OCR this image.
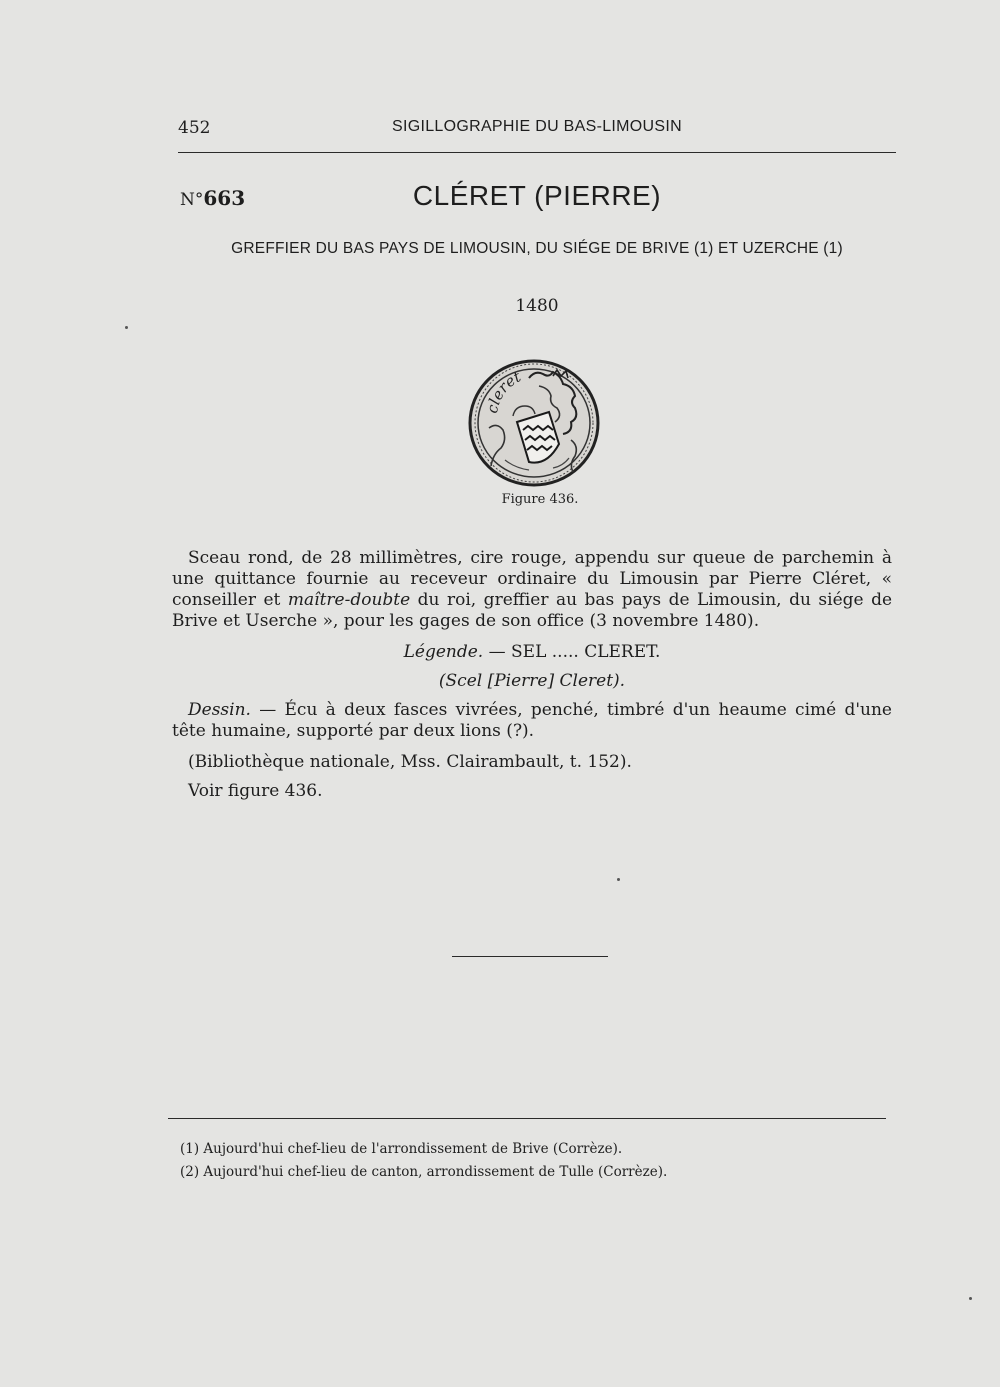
452	SIGILLOGRAPHIE DU BAS-LIMOUSIN
N°663	CLÉRET (PIERRE)
GREFFIER DU BAS PAYS DE LIMOUSIN, DU SIÉGE DE BRIVE (1) ET UZERCHE (1)
1480
cleret
Figure 436.

Sceau rond, de 28 millimètres, cire rouge, appendu sur queue de parchemin à une quittance fournie au receveur ordinaire du Limousin par Pierre Cléret, « conseiller et maître-doubte du roi, greffier au bas pays de Limousin, du siége de Brive et Userche », pour les gages de son office (3 novembre 1480).

Légende. — SEL ..... CLERET.

(Scel [Pierre] Cleret).

Dessin. — Écu à deux fasces vivrées, penché, timbré d'un heaume cimé d'une tête humaine, supporté par deux lions (?).

(Bibliothèque nationale, Mss. Clairambault, t. 152).

Voir figure 436.

(1) Aujourd'hui chef-lieu de l'arrondissement de Brive (Corrèze).

(2) Aujourd'hui chef-lieu de canton, arrondissement de Tulle (Corrèze).
